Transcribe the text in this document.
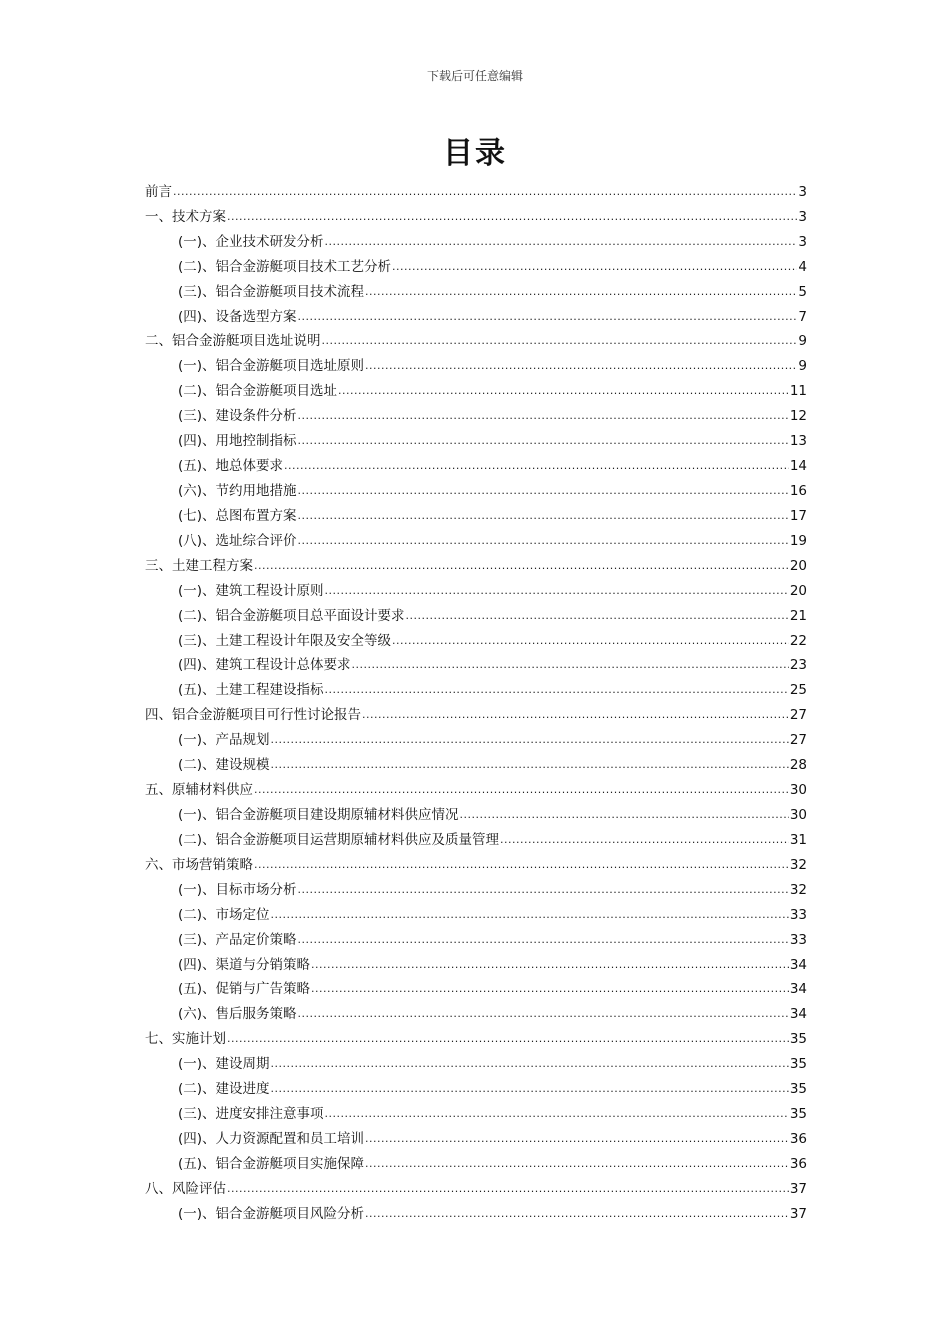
下载后可任意编辑
目录
前言 .....	3
一、技术方案 .....	3
(一)、企业技术研发分析 .....	3
(二)、铝合金游艇项目技术工艺分析 .....	4
(三)、铝合金游艇项目技术流程 .....	5
(四)、设备选型方案 .....	7
二、铝合金游艇项目选址说明 .....	9
(一)、铝合金游艇项目选址原则 .....	9
(二)、铝合金游艇项目选址 .....	11
(三)、建设条件分析 .....	12
(四)、用地控制指标 .....	13
(五)、地总体要求 .....	14
(六)、节约用地措施 .....	16
(七)、总图布置方案 .....	17
(八)、选址综合评价 .....	19
三、土建工程方案 .....	20
(一)、建筑工程设计原则 .....	20
(二)、铝合金游艇项目总平面设计要求 .....	21
(三)、土建工程设计年限及安全等级 .....	22
(四)、建筑工程设计总体要求 .....	23
(五)、土建工程建设指标 .....	25
四、铝合金游艇项目可行性讨论报告 .....	27
(一)、产品规划 .....	27
(二)、建设规模 .....	28
五、原辅材料供应 .....	30
(一)、铝合金游艇项目建设期原辅材料供应情况 .....	30
(二)、铝合金游艇项目运营期原辅材料供应及质量管理 .....	31
六、市场营销策略 .....	32
(一)、目标市场分析 .....	32
(二)、市场定位 .....	33
(三)、产品定价策略 .....	33
(四)、渠道与分销策略 .....	34
(五)、促销与广告策略 .....	34
(六)、售后服务策略 .....	34
七、实施计划 .....	35
(一)、建设周期 .....	35
(二)、建设进度 .....	35
(三)、进度安排注意事项 .....	35
(四)、人力资源配置和员工培训 .....	36
(五)、铝合金游艇项目实施保障 .....	36
八、风险评估 .....	37
(一)、铝合金游艇项目风险分析 .....	37
